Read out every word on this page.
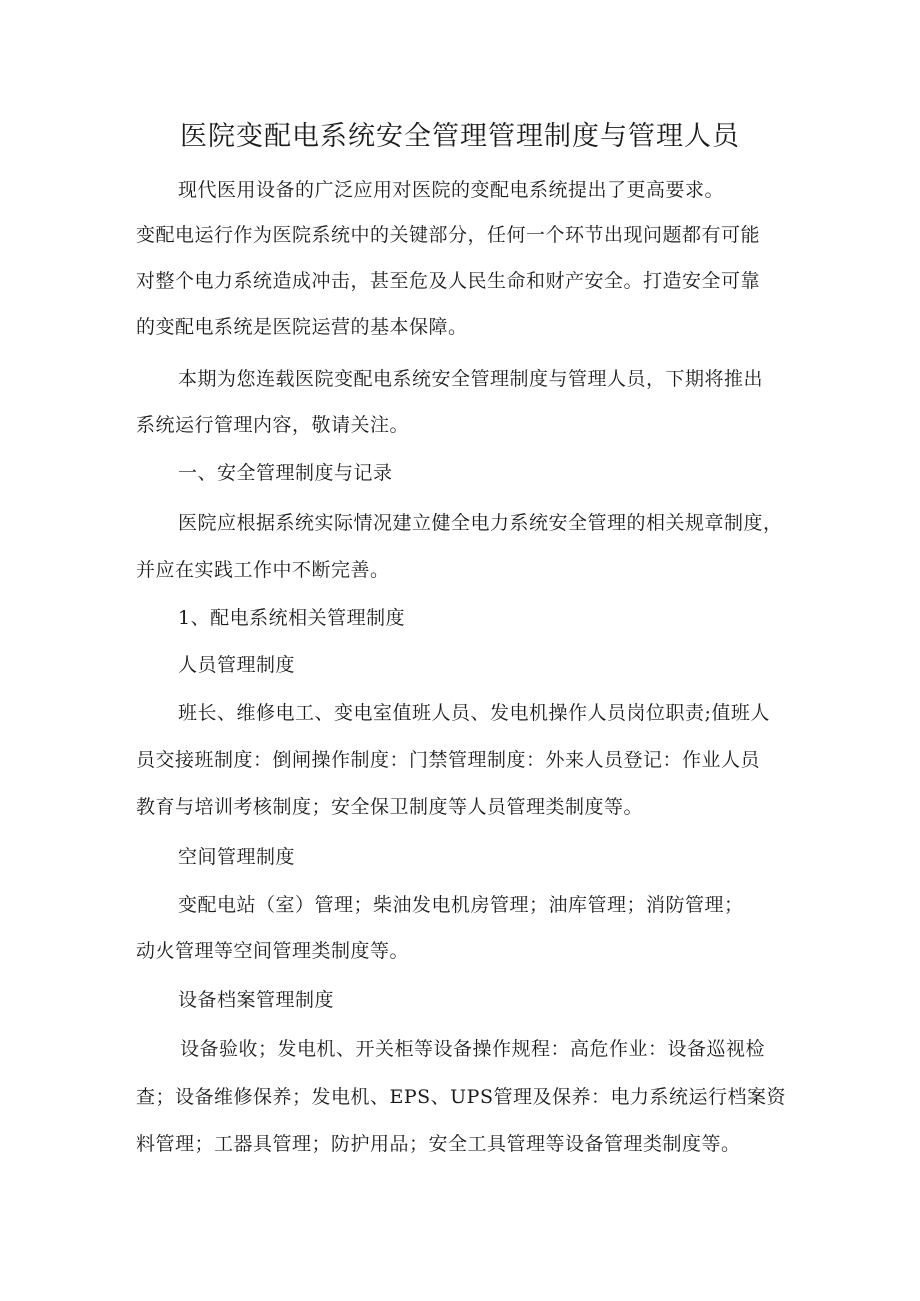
医院变配电系统安全管理管理制度与管理人员
现代医用设备的广泛应用对医院的变配电系统提出了更高要求。
变配电运行作为医院系统中的关键部分，任何一个环节出现问题都有可能
对整个电力系统造成冲击，甚至危及人民生命和财产安全。打造安全可靠
的变配电系统是医院运营的基本保障。
本期为您连载医院变配电系统安全管理制度与管理人员，下期将推出
系统运行管理内容，敬请关注。
一、安全管理制度与记录
医院应根据系统实际情况建立健全电力系统安全管理的相关规章制度，
并应在实践工作中不断完善。
1、配电系统相关管理制度
人员管理制度
班长、维修电工、变电室值班人员、发电机操作人员岗位职责;值班人
员交接班制度：倒闸操作制度：门禁管理制度：外来人员登记：作业人员
教育与培训考核制度；安全保卫制度等人员管理类制度等。
空间管理制度
变配电站（室）管理；柴油发电机房管理；油库管理；消防管理；
动火管理等空间管理类制度等。
设备档案管理制度
设备验收；发电机、开关柜等设备操作规程：高危作业：设备巡视检
查；设备维修保养；发电机、EPS、UPS管理及保养：电力系统运行档案资
料管理；工器具管理；防护用品；安全工具管理等设备管理类制度等。
